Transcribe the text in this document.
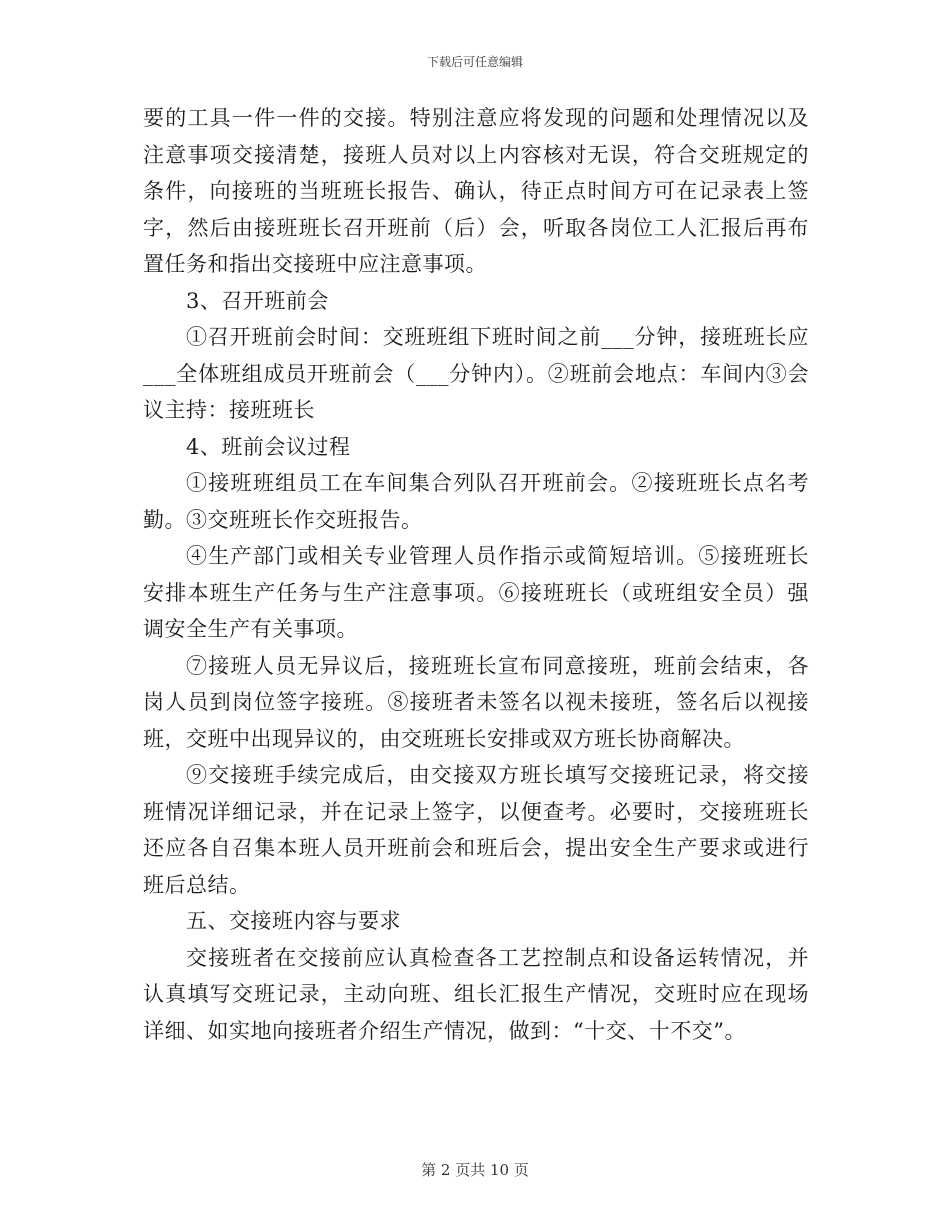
下载后可任意编辑

要的工具一件一件的交接。特别注意应将发现的问题和处理情况以及注意事项交接清楚，接班人员对以上内容核对无误，符合交班规定的条件，向接班的当班班长报告、确认，待正点时间方可在记录表上签字，然后由接班班长召开班前（后）会，听取各岗位工人汇报后再布置任务和指出交接班中应注意事项。

3、召开班前会

①召开班前会时间：交班班组下班时间之前___分钟，接班班长应___全体班组成员开班前会（___分钟内）。②班前会地点：车间内③会议主持：接班班长

4、班前会议过程

①接班班组员工在车间集合列队召开班前会。②接班班长点名考勤。③交班班长作交班报告。

④生产部门或相关专业管理人员作指示或简短培训。⑤接班班长安排本班生产任务与生产注意事项。⑥接班班长（或班组安全员）强调安全生产有关事项。

⑦接班人员无异议后，接班班长宣布同意接班，班前会结束，各岗人员到岗位签字接班。⑧接班者未签名以视未接班，签名后以视接班，交班中出现异议的，由交班班长安排或双方班长协商解决。

⑨交接班手续完成后，由交接双方班长填写交接班记录，将交接班情况详细记录，并在记录上签字，以便查考。必要时，交接班班长还应各自召集本班人员开班前会和班后会，提出安全生产要求或进行班后总结。

五、交接班内容与要求

交接班者在交接前应认真检查各工艺控制点和设备运转情况，并认真填写交班记录，主动向班、组长汇报生产情况，交班时应在现场详细、如实地向接班者介绍生产情况，做到：“十交、十不交”。

第 2 页共 10 页
